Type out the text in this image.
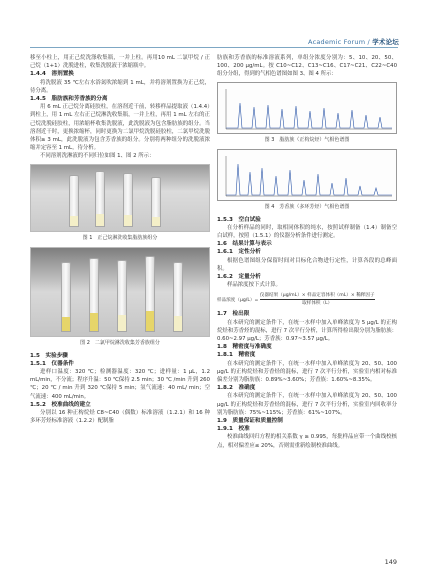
Academic Forum / 学术论坛

移至小柱上，用正己烷洗涤收集瓶，一并上柱。再用10 mL 二氯甲烷 / 正己烷（1+1）洗脱进柱，收集洗脱液于浓缩瓶中。

1.4.4　溶剂置换

将洗脱液 35 ℃左右水浴氮吹浓缩到 1 mL，并将溶剂置换为正己烷，待分离。

1.4.5　脂肪族和芳香族的分离

用 6 mL 正己烷分离硅胶柱，在溶剂近干前，转移样品提取液（1.4.4）到柱上，用 1 mL 左右正己烷淋洗收集瓶，一并上柱，再用 1 mL 左右的正己烷洗脱硅胶柱，用浓缩杯收集洗脱液，此洗脱液为包含脂肪族的组分。当溶剂近干时，更换浓缩杯，同时更换为二氯甲烷洗脱硅胶柱，二氯甲烷洗脱体积≥ 3 mL，此洗脱液为包含芳香族的组分。分别将两种组分的洗脱液浓缩并定容至 1 mL，待分析。

不同溶剂洗淋液的不同归位如图 1、图 2 所示：

图 1　正己烷淋洗收集脂肪族组分

图 2　二氯甲烷淋洗收集芳香族组分

1.5　实验步骤

1.5.1　仪器条件

进样口温度：320 ℃；检测器温度：320 ℃；进样量：1 μL，1.2 mL/min，不分流；程序升温：50 ℃保持 2.5 min；30 ℃ /min 升到 260 ℃；20 ℃ / min 升到 320 ℃保持 5 min；氢气流速：40 mL/ min；空气流速：400 mL/min。

1.5.2　校准曲线的建立

分别以 16 种正构烷烃 C8~C40（偶数）标准溶液（1.2.1）和 16 种多环芳烃标准溶液（1.2.2）配制脂

肪族和芳香族的标准溶液系列，单组分浓度分别为：5、10、20、50、100、200 μg/mL。按 C10~C12、C13~C16、C17~C21、C22~C40 组分分组，得到的气相色谱图如图 3、图 4 所示：

图 3　脂肪族（正构烷烃）气相色谱图

图 4　芳香族（多环芳烃）气相色谱图

1.5.3　空白试验

在分析样品的同时，取相同体积的纯水，按照试样制备（1.4）制备空白试样，按照（1.5.1）的仪器分析条件进行测定。

1.6　结果计算与表示

1.6.1　定性分析

根据色谱图组分保留时间对目标化合物进行定性，计算各段的总峰面积。

1.6.2　定量分析

样品浓度按下式计算。

样品浓度$(\mu g/L)= \frac{\text{仪器结果（μg/mL）× 样品定容体积（mL）× 稀释因子}}{\text{取样体积（L）}}$

1.7　检出限

在本研究的测定条件下，在统一水样中加入单峰浓度为 5 μg/L 的正构烷烃和芳香烃的混标，进行 7 次平行分析，计算所得检出限分别为脂肪族：0.60~2.97 μg/L；芳香族：0.97~3.57 μg/L。

1.8　精密度与准确度

1.8.1　精密度

在本研究的测定条件下，在统一水样中加入单峰浓度为 20、50、100 μg/L 的正构烷烃和芳香烃的混标，进行 7 次平行分析，实验室内相对标准偏差分别为脂肪族：0.89%~3.60%；芳香族：1.60%~8.35%。

1.8.2　准确度

在本研究的测定条件下，在统一水样中加入单峰浓度为 20、50、100 μg/L 的正构烷烃和芳香烃的混标，进行 7 次平行分析，实验室内回收率分别为脂肪族：75%~115%；芳香族：61%~107%。

1.9　质量保证和质量控制

1.9.1　校准

校准曲线回归方程的相关系数 γ ≥ 0.995，每批样品应带一个曲线校核点，相对偏差应≤ 20%，否则需重新绘制校准曲线。

149
